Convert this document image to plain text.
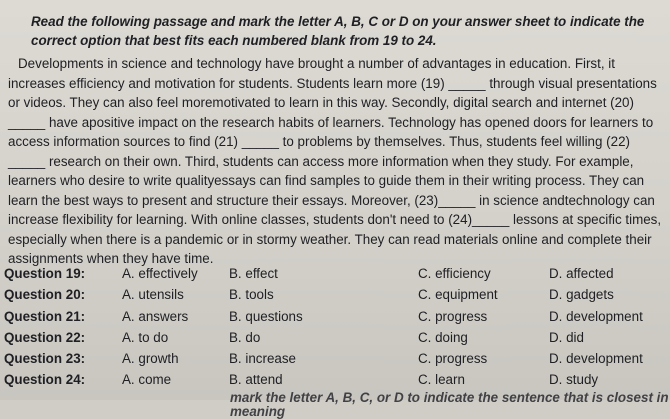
Read the following passage and mark the letter A, B, C or D on your answer sheet to indicate the correct option that best fits each numbered blank from 19 to 24.

Developments in science and technology have brought a number of advantages in education. First, it increases efficiency and motivation for students. Students learn more (19) _____ through visual presentations or videos. They can also feel moremotivated to learn in this way. Secondly, digital search and internet (20) _____ have apositive impact on the research habits of learners. Technology has opened doors for learners to access information sources to find (21) _____ to problems by themselves. Thus, students feel willing (22) _____ research on their own. Third, students can access more information when they study. For example, learners who desire to write qualityessays can find samples to guide them in their writing process. They can learn the best ways to present and structure their essays. Moreover, (23)_____ in science andtechnology can increase flexibility for learning. With online classes, students don't need to (24)_____ lessons at specific times, especially when there is a pandemic or in stormy weather. They can read materials online and complete their assignments when they have time.

Question 19:	A. effectively B. effect	C. efficiency	D. affected
Question 20:	A. utensils	B. tools	C. equipment	D. gadgets
Question 21:	A. answers	B. questions	C. progress	D. development
Question 22:	A. to do	B. do	C. doing	D. did
Question 23:	A. growth	B. increase	C. progress	D. development
Question 24:	A. come	B. attend	C. learn	D. study
mark the letter A, B, C, or D to indicate the sentence that is closest in meaning
